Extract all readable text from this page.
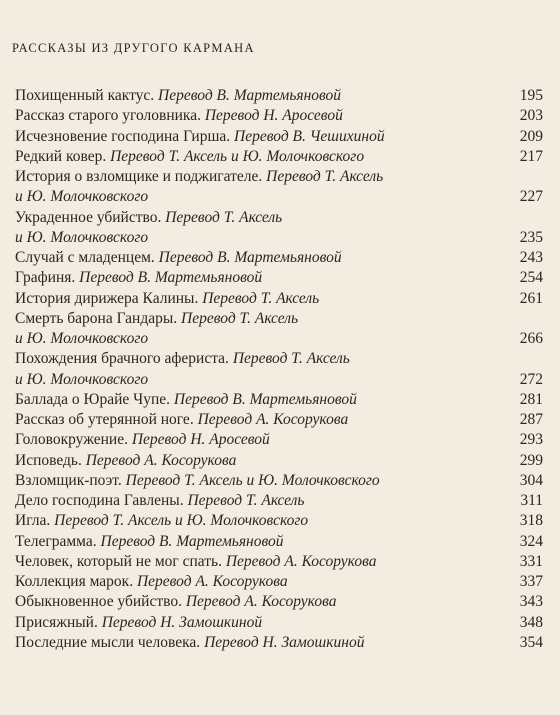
РАССКАЗЫ ИЗ ДРУГОГО КАРМАНА
Похищенный кактус. Перевод В. Мартемьяновой	195
Рассказ старого уголовника. Перевод Н. Аросевой	203
Исчезновение господина Гирша. Перевод В. Чешихиной	209
Редкий ковер. Перевод Т. Аксель и Ю. Молочковского	217
История о взломщике и поджигателе. Перевод Т. Аксель
и Ю. Молочковского	227
Украденное убийство. Перевод Т. Аксель
и Ю. Молочковского	235
Случай с младенцем. Перевод В. Мартемьяновой	243
Графиня. Перевод В. Мартемьяновой	254
История дирижера Калины. Перевод Т. Аксель	261
Смерть барона Гандары. Перевод Т. Аксель
и Ю. Молочковского	266
Похождения брачного афериста. Перевод Т. Аксель
и Ю. Молочковского	272
Баллада о Юрайе Чупе. Перевод В. Мартемьяновой	281
Рассказ об утерянной ноге. Перевод А. Косорукова	287
Головокружение. Перевод Н. Аросевой	293
Исповедь. Перевод А. Косорукова	299
Взломщик-поэт. Перевод Т. Аксель и Ю. Молочковского	304
Дело господина Гавлены. Перевод Т. Аксель	311
Игла. Перевод Т. Аксель и Ю. Молочковского	318
Телеграмма. Перевод В. Мартемьяновой	324
Человек, который не мог спать. Перевод А. Косорукова	331
Коллекция марок. Перевод А. Косорукова	337
Обыкновенное убийство. Перевод А. Косорукова	343
Присяжный. Перевод Н. Замошкиной	348
Последние мысли человека. Перевод Н. Замошкиной	354
